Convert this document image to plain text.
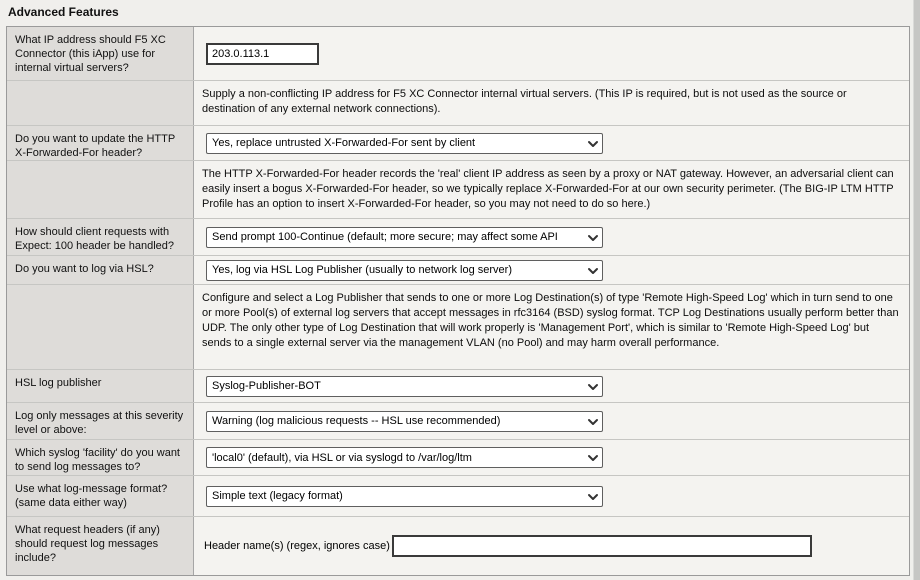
Advanced Features
What IP address should F5 XC Connector (this iApp) use for internal virtual servers?
203.0.113.1
Supply a non-conflicting IP address for F5 XC Connector internal virtual servers. (This IP is required, but is not used as the source or destination of any external network connections).
Do you want to update the HTTP X-Forwarded-For header?
Yes, replace untrusted X-Forwarded-For sent by client
The HTTP X-Forwarded-For header records the 'real' client IP address as seen by a proxy or NAT gateway. However, an adversarial client can easily insert a bogus X-Forwarded-For header, so we typically replace X-Forwarded-For at our own security perimeter. (The BIG-IP LTM HTTP Profile has an option to insert X-Forwarded-For header, so you may not need to do so here.)
How should client requests with Expect: 100 header be handled?
Send prompt 100-Continue (default; more secure; may affect some API
Do you want to log via HSL?	Yes, log via HSL Log Publisher (usually to network log server)
Configure and select a Log Publisher that sends to one or more Log Destination(s) of type 'Remote High-Speed Log' which in turn send to one or more Pool(s) of external log servers that accept messages in rfc3164 (BSD) syslog format. TCP Log Destinations usually perform better than UDP. The only other type of Log Destination that will work properly is 'Management Port', which is similar to 'Remote High-Speed Log' but sends to a single external server via the management VLAN (no Pool) and may harm overall performance.
HSL log publisher	Syslog-Publisher-BOT
Log only messages at this severity level or above:
Warning (log malicious requests -- HSL use recommended)
Which syslog 'facility' do you want to send log messages to?
'local0' (default), via HSL or via syslogd to /var/log/ltm
Use what log-message format? (same data either way)
Simple text (legacy format)
What request headers (if any) should request log messages include?
Header name(s) (regex, ignores case)
